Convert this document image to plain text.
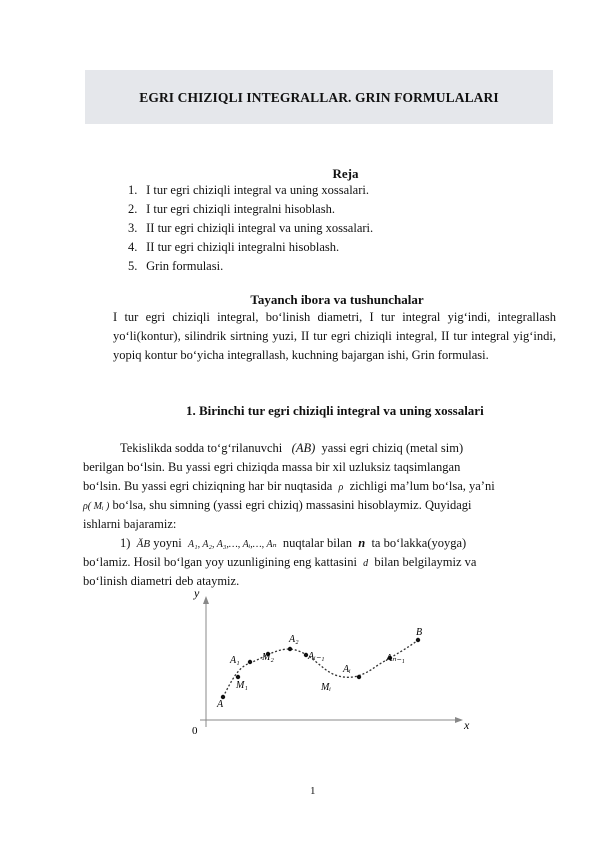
EGRI CHIZIQLI INTEGRALLAR. GRIN FORMULALARI
Reja
1. I tur egri chiziqli integral va uning xossalari.
2. I tur egri chiziqli integralni hisoblash.
3. II tur egri chiziqli integral va uning xossalari.
4. II tur egri chiziqli integralni hisoblash.
5. Grin formulasi.
Tayanch ibora va tushunchalar
I tur egri chiziqli integral, bo‘linish diametri, I tur integral yig‘indi, integrallash yo‘li(kontur), silindrik sirtning yuzi, II tur egri chiziqli integral, II tur integral yig‘indi, yopiq kontur bo‘yicha integrallash, kuchning bajargan ishi, Grin formulasi.
1. Birinchi tur egri chiziqli integral va uning xossalari
Tekislikda sodda to‘g‘rilanuvchi (AB) yassi egri chiziq (metal sim)
berilgan bo‘lsin. Bu yassi egri chiziqda massa bir xil uzluksiz taqsimlangan
bo‘lsin. Bu yassi egri chiziqning har bir nuqtasida ρ zichligi ma’lum bo‘lsa, ya’ni
ρ( Mᵢ ) bo‘lsa, shu simning (yassi egri chiziq) massasini hisoblaymiz. Quyidagi
ishlarni bajaramiz:
1) ĂB yoyni A₁, A₂, A₃,…, Aᵢ,…, Aₙ nuqtalar bilan n ta bo‘lakka(yoyga)
bo‘lamiz. Hosil bo‘lgan yoy uzunligining eng kattasini d bilan belgilaymiz va
bo‘linish diametri deb ataymiz.
y
x
0
A
A₁
M₁
M₂
A₂
Aᵢ₋₁
Aᵢ
Mᵢ
Aₙ₋₁
B
1
